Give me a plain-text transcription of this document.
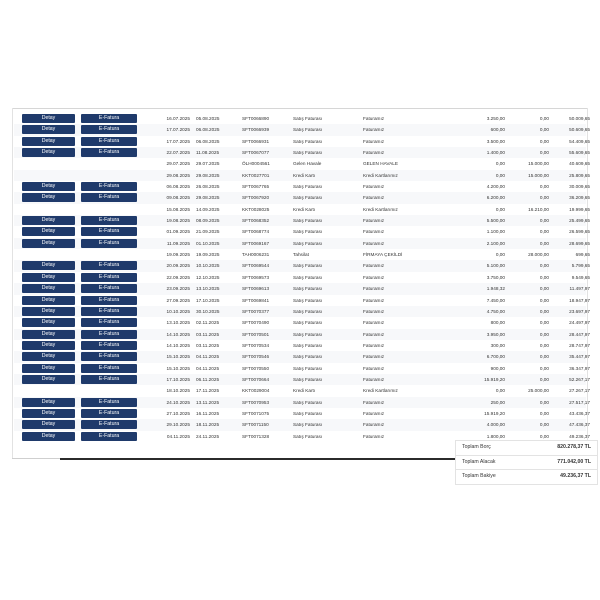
Detay	E-Fatura	16.07.2025 05.08.2025	SFT0066890	Satış Faturası	Faturamız	3.250,00	0,00	50.009,65
Detay	E-Fatura	17.07.2025 06.08.2025	SFT0066939	Satış Faturası	Faturamız	600,00	0,00	50.609,65
Detay	E-Fatura	17.07.2025 06.08.2025	SFT0066931	Satış Faturası	Faturamız	3.500,00	0,00	54.409,65
Detay	E-Fatura	22.07.2025 11.08.2025	SFT0067077	Satış Faturası	Faturamız	1.400,00	0,00	55.609,65
29.07.2025 29.07.2025	ÖLH0004561	Gelen Havale	GELEN HAVALE	0,00	15.000,00	40.609,65
29.08.2025 29.08.2025	KKT0027701	Kredi Kartı	Kredi Kartlarımız	0,00	15.000,00	25.809,65
Detay	E-Fatura	06.08.2025 26.08.2025	SFT0067765	Satış Faturası	Faturamız	4.200,00	0,00	30.009,65
Detay	E-Fatura	09.08.2025 29.08.2025	SFT0067920	Satış Faturası	Faturamız	6.200,00	0,00	36.209,65
15.08.2025 14.09.2025	KKT0028025	Kredi Kartı	Kredi Kartlarımız	0,00	16.210,00	19.999,65
Detay	E-Fatura	19.08.2025 08.09.2025	SFT0068352	Satış Faturası	Faturamız	5.500,00	0,00	25.499,65
Detay	E-Fatura	01.09.2025 21.09.2025	SFT0068774	Satış Faturası	Faturamız	1.100,00	0,00	26.599,65
Detay	E-Fatura	11.09.2025 01.10.2025	SFT0069167	Satış Faturası	Faturamız	2.100,00	0,00	28.699,65
19.09.2025 19.09.2025	TAH0006231	Tahsilat	FİRMAYA ÇEKİLDİ	0,00	28.000,00	699,65
Detay	E-Fatura	20.09.2025 10.10.2025	SFT0069544	Satış Faturası	Faturamız	5.100,00	0,00	5.799,65
Detay	E-Fatura	22.09.2025 12.10.2025	SFT0069573	Satış Faturası	Faturamız	3.750,00	0,00	9.549,65
Detay	E-Fatura	23.09.2025 13.10.2025	SFT0069613	Satış Faturası	Faturamız	1.948,32	0,00	11.497,97
Detay	E-Fatura	27.09.2025 17.10.2025	SFT0069841	Satış Faturası	Faturamız	7.450,00	0,00	18.947,97
Detay	E-Fatura	10.10.2025 30.10.2025	SFT0070377	Satış Faturası	Faturamız	4.750,00	0,00	23.697,97
Detay	E-Fatura	13.10.2025 02.11.2025	SFT0070490	Satış Faturası	Faturamız	800,00	0,00	24.497,97
Detay	E-Fatura	14.10.2025 03.11.2025	SFT0070501	Satış Faturası	Faturamız	3.950,00	0,00	28.447,97
Detay	E-Fatura	14.10.2025 03.11.2025	SFT0070534	Satış Faturası	Faturamız	300,00	0,00	28.747,97
Detay	E-Fatura	15.10.2025 04.11.2025	SFT0070546	Satış Faturası	Faturamız	6.700,00	0,00	35.447,97
Detay	E-Fatura	15.10.2025 04.11.2025	SFT0070550	Satış Faturası	Faturamız	900,00	0,00	36.347,97
Detay	E-Fatura	17.10.2025 06.11.2025	SFT0070664	Satış Faturası	Faturamız	15.919,20	0,00	52.267,17
18.10.2025 17.11.2025	KKT0029004	Kredi Kartı	Kredi Kartlarımız	0,00	25.000,00	27.267,17
Detay	E-Fatura	24.10.2025 13.11.2025	SFT0070953	Satış Faturası	Faturamız	250,00	0,00	27.517,17
Detay	E-Fatura	27.10.2025 16.11.2025	SFT0071075	Satış Faturası	Faturamız	15.919,20	0,00	43.436,37
Detay	E-Fatura	29.10.2025 18.11.2025	SFT0071150	Satış Faturası	Faturamız	4.000,00	0,00	47.436,37
Detay	E-Fatura	04.11.2025 24.11.2025	SFT0071328	Satış Faturası	Faturamız	1.800,00	0,00	49.236,37
Toplam Borç	820.278,37 TL
Toplam Alacak	771.042,00 TL
Toplam Bakiye	49.236,37 TL
